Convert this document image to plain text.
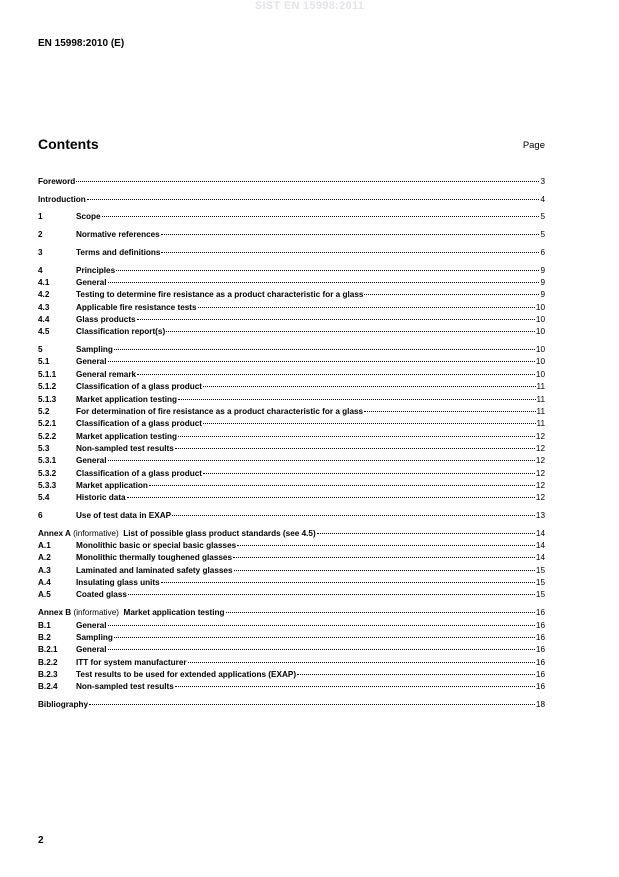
SIST EN 15998:2011
EN 15998:2010 (E)
Contents	Page
Foreword	3
Introduction	4
1	Scope	5
2	Normative references	5
3	Terms and definitions	6
4	Principles	9
4.1	General	9
4.2	Testing to determine fire resistance as a product characteristic for a glass	9
4.3	Applicable fire resistance tests	10
4.4	Glass products	10
4.5	Classification report(s)	10
5	Sampling	10
5.1	General	10
5.1.1	General remark	10
5.1.2	Classification of a glass product	11
5.1.3	Market application testing	11
5.2	For determination of fire resistance as a product characteristic for a glass	11
5.2.1	Classification of a glass product	11
5.2.2	Market application testing	12
5.3	Non-sampled test results	12
5.3.1	General	12
5.3.2	Classification of a glass product	12
5.3.3	Market application	12
5.4	Historic data	12
6	Use of test data in EXAP	13
Annex A (informative)  List of possible glass product standards (see 4.5)	14
A.1	Monolithic basic or special basic glasses	14
A.2	Monolithic thermally toughened glasses	14
A.3	Laminated and laminated safety glasses	15
A.4	Insulating glass units	15
A.5	Coated glass	15
Annex B (informative)  Market application testing	16
B.1	General	16
B.2	Sampling	16
B.2.1	General	16
B.2.2	ITT for system manufacturer	16
B.2.3	Test results to be used for extended applications (EXAP)	16
B.2.4	Non-sampled test results	16
Bibliography	18
2
